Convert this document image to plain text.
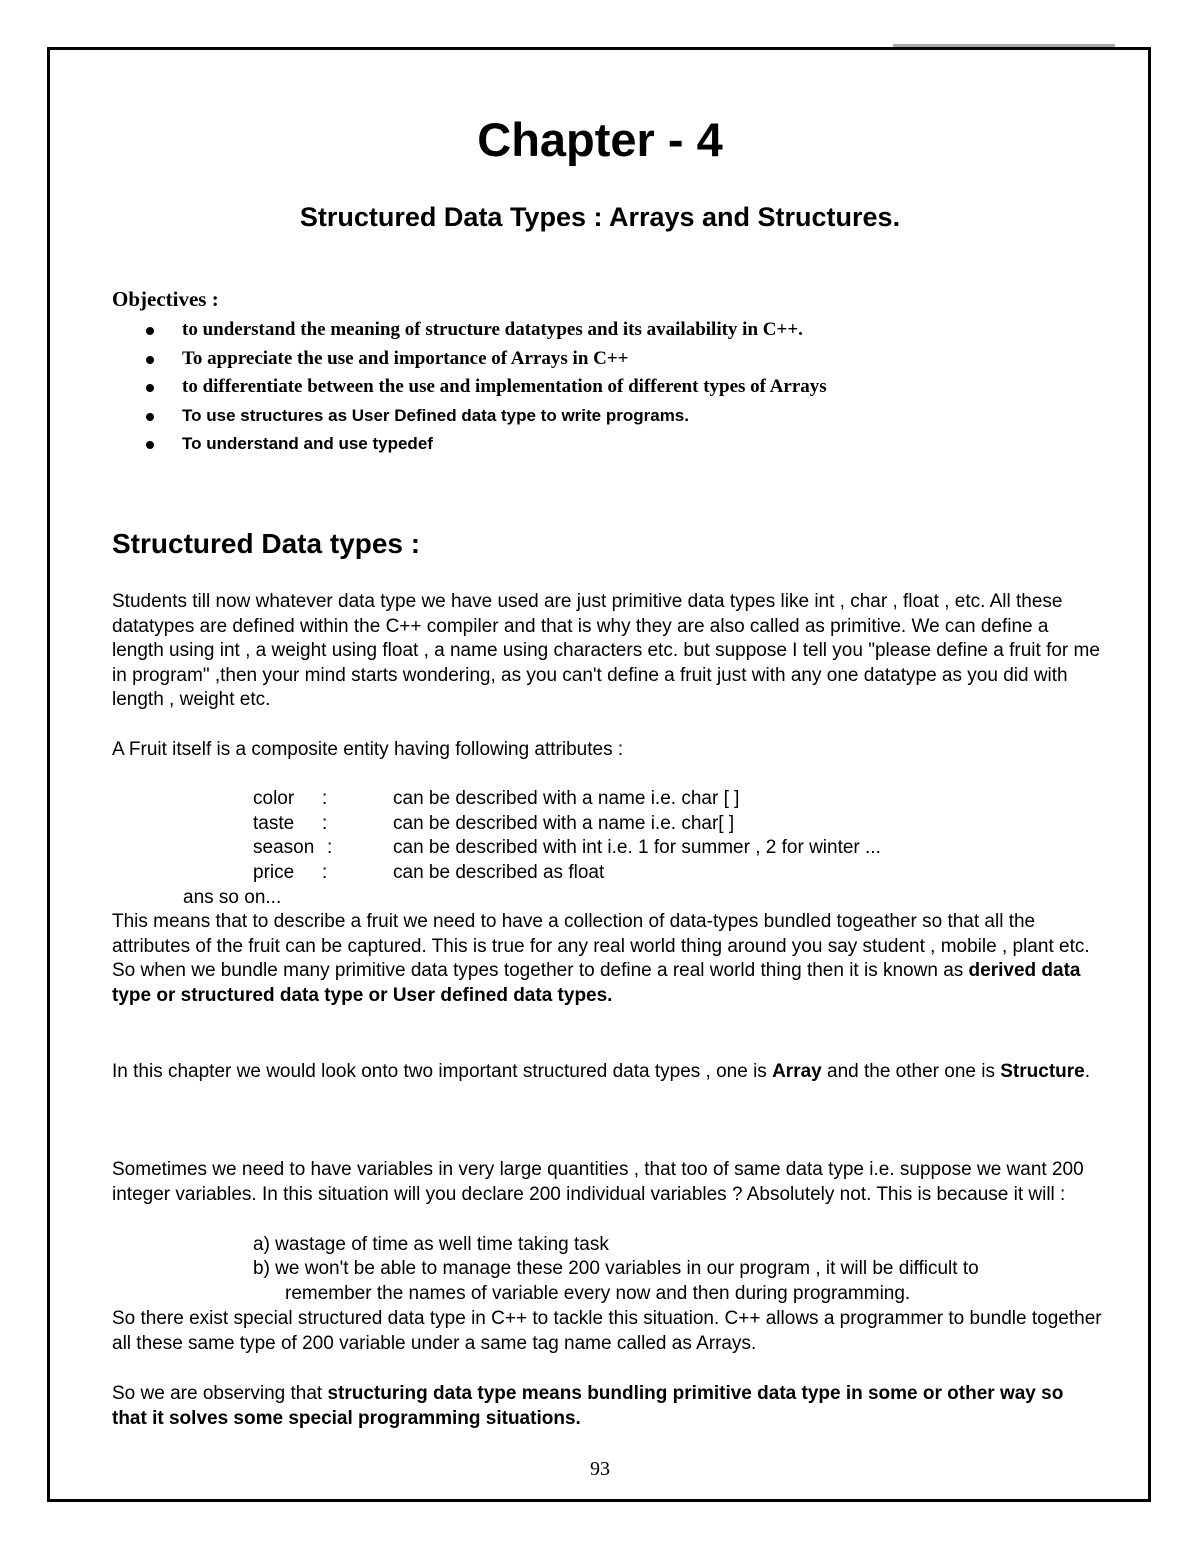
Chapter - 4
Structured Data Types : Arrays and Structures.
Objectives :
to understand the meaning of structure datatypes and its availability in C++.
To appreciate the use and importance of Arrays in C++
to differentiate between the use and implementation of different types of Arrays
To use structures as User Defined data type to write programs.
To understand and use typedef
Structured Data types :
Students till now whatever data type we have used are just primitive data types like int , char , float , etc. All these datatypes are defined within the C++ compiler and that is why they are also called as primitive. We can define a length using int , a weight using float , a name using characters etc. but suppose I tell you "please define a fruit for me in program" ,then your mind starts wondering, as you can't define a fruit just with any one datatype as you did with length , weight etc.
A Fruit itself is a composite entity having following attributes :
color :	can be described with a name i.e. char [ ]
taste :	can be described with a name i.e. char[ ]
season :	can be described with int i.e. 1 for summer , 2 for winter ...
price :	can be described as float
ans so on...
This means that to describe a fruit we need to have a collection of data-types bundled togeather so that all the attributes of the fruit can be captured. This is true for any real world thing around you say student , mobile , plant etc. So when we bundle many primitive data types together to define a real world thing then it is known as derived data type or structured data type or User defined data types.
In this chapter we would look onto two important structured data types , one is Array and the other one is Structure.
Sometimes we need to have variables in very large quantities , that too of same data type i.e. suppose we want 200 integer variables. In this situation will you declare 200 individual variables ? Absolutely not. This is because it will :
a) wastage of time as well time taking task
b) we won't be able to manage these 200 variables in our program , it will be difficult to
remember the names of variable every now and then during programming.
So there exist special structured data type in C++ to tackle this situation. C++ allows a programmer to bundle together all these same type of 200 variable under a same tag name called as Arrays.
So we are observing that structuring data type means bundling primitive data type in some or other way so that it solves some special programming situations.
93
